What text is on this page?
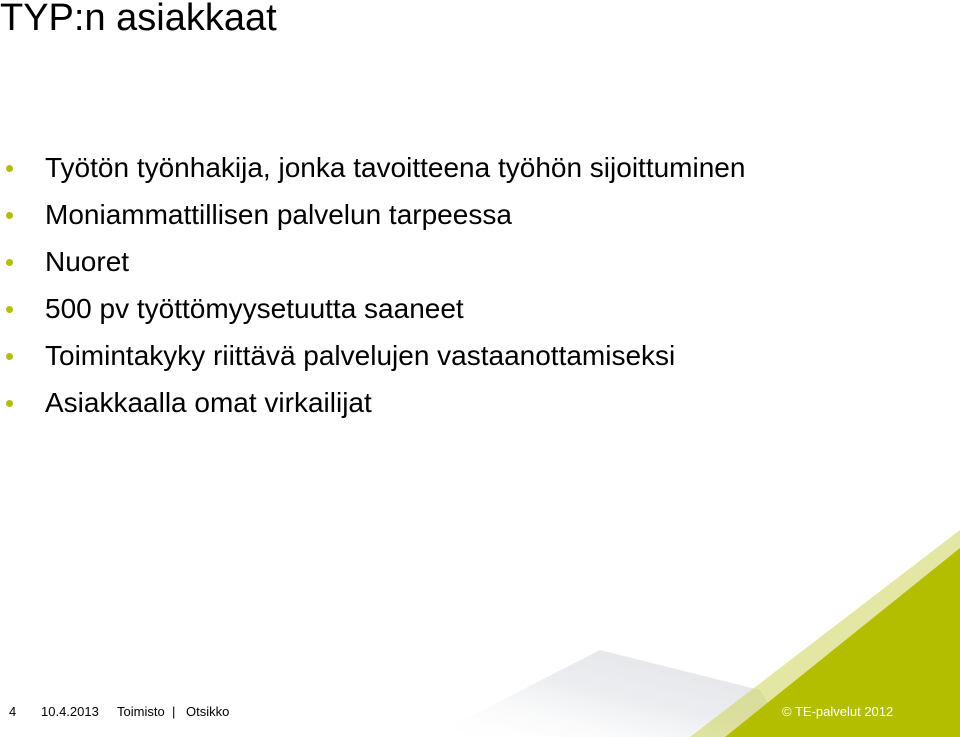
TYP:n asiakkaat
Työtön työnhakija, jonka tavoitteena työhön sijoittuminen
Moniammattillisen palvelun tarpeessa
Nuoret
500 pv työttömyysetuutta saaneet
Toimintakyky riittävä palvelujen vastaanottamiseksi
Asiakkaalla omat virkailijat
4 10.4.2013 Toimisto | Otsikko	© TE-palvelut 2012
